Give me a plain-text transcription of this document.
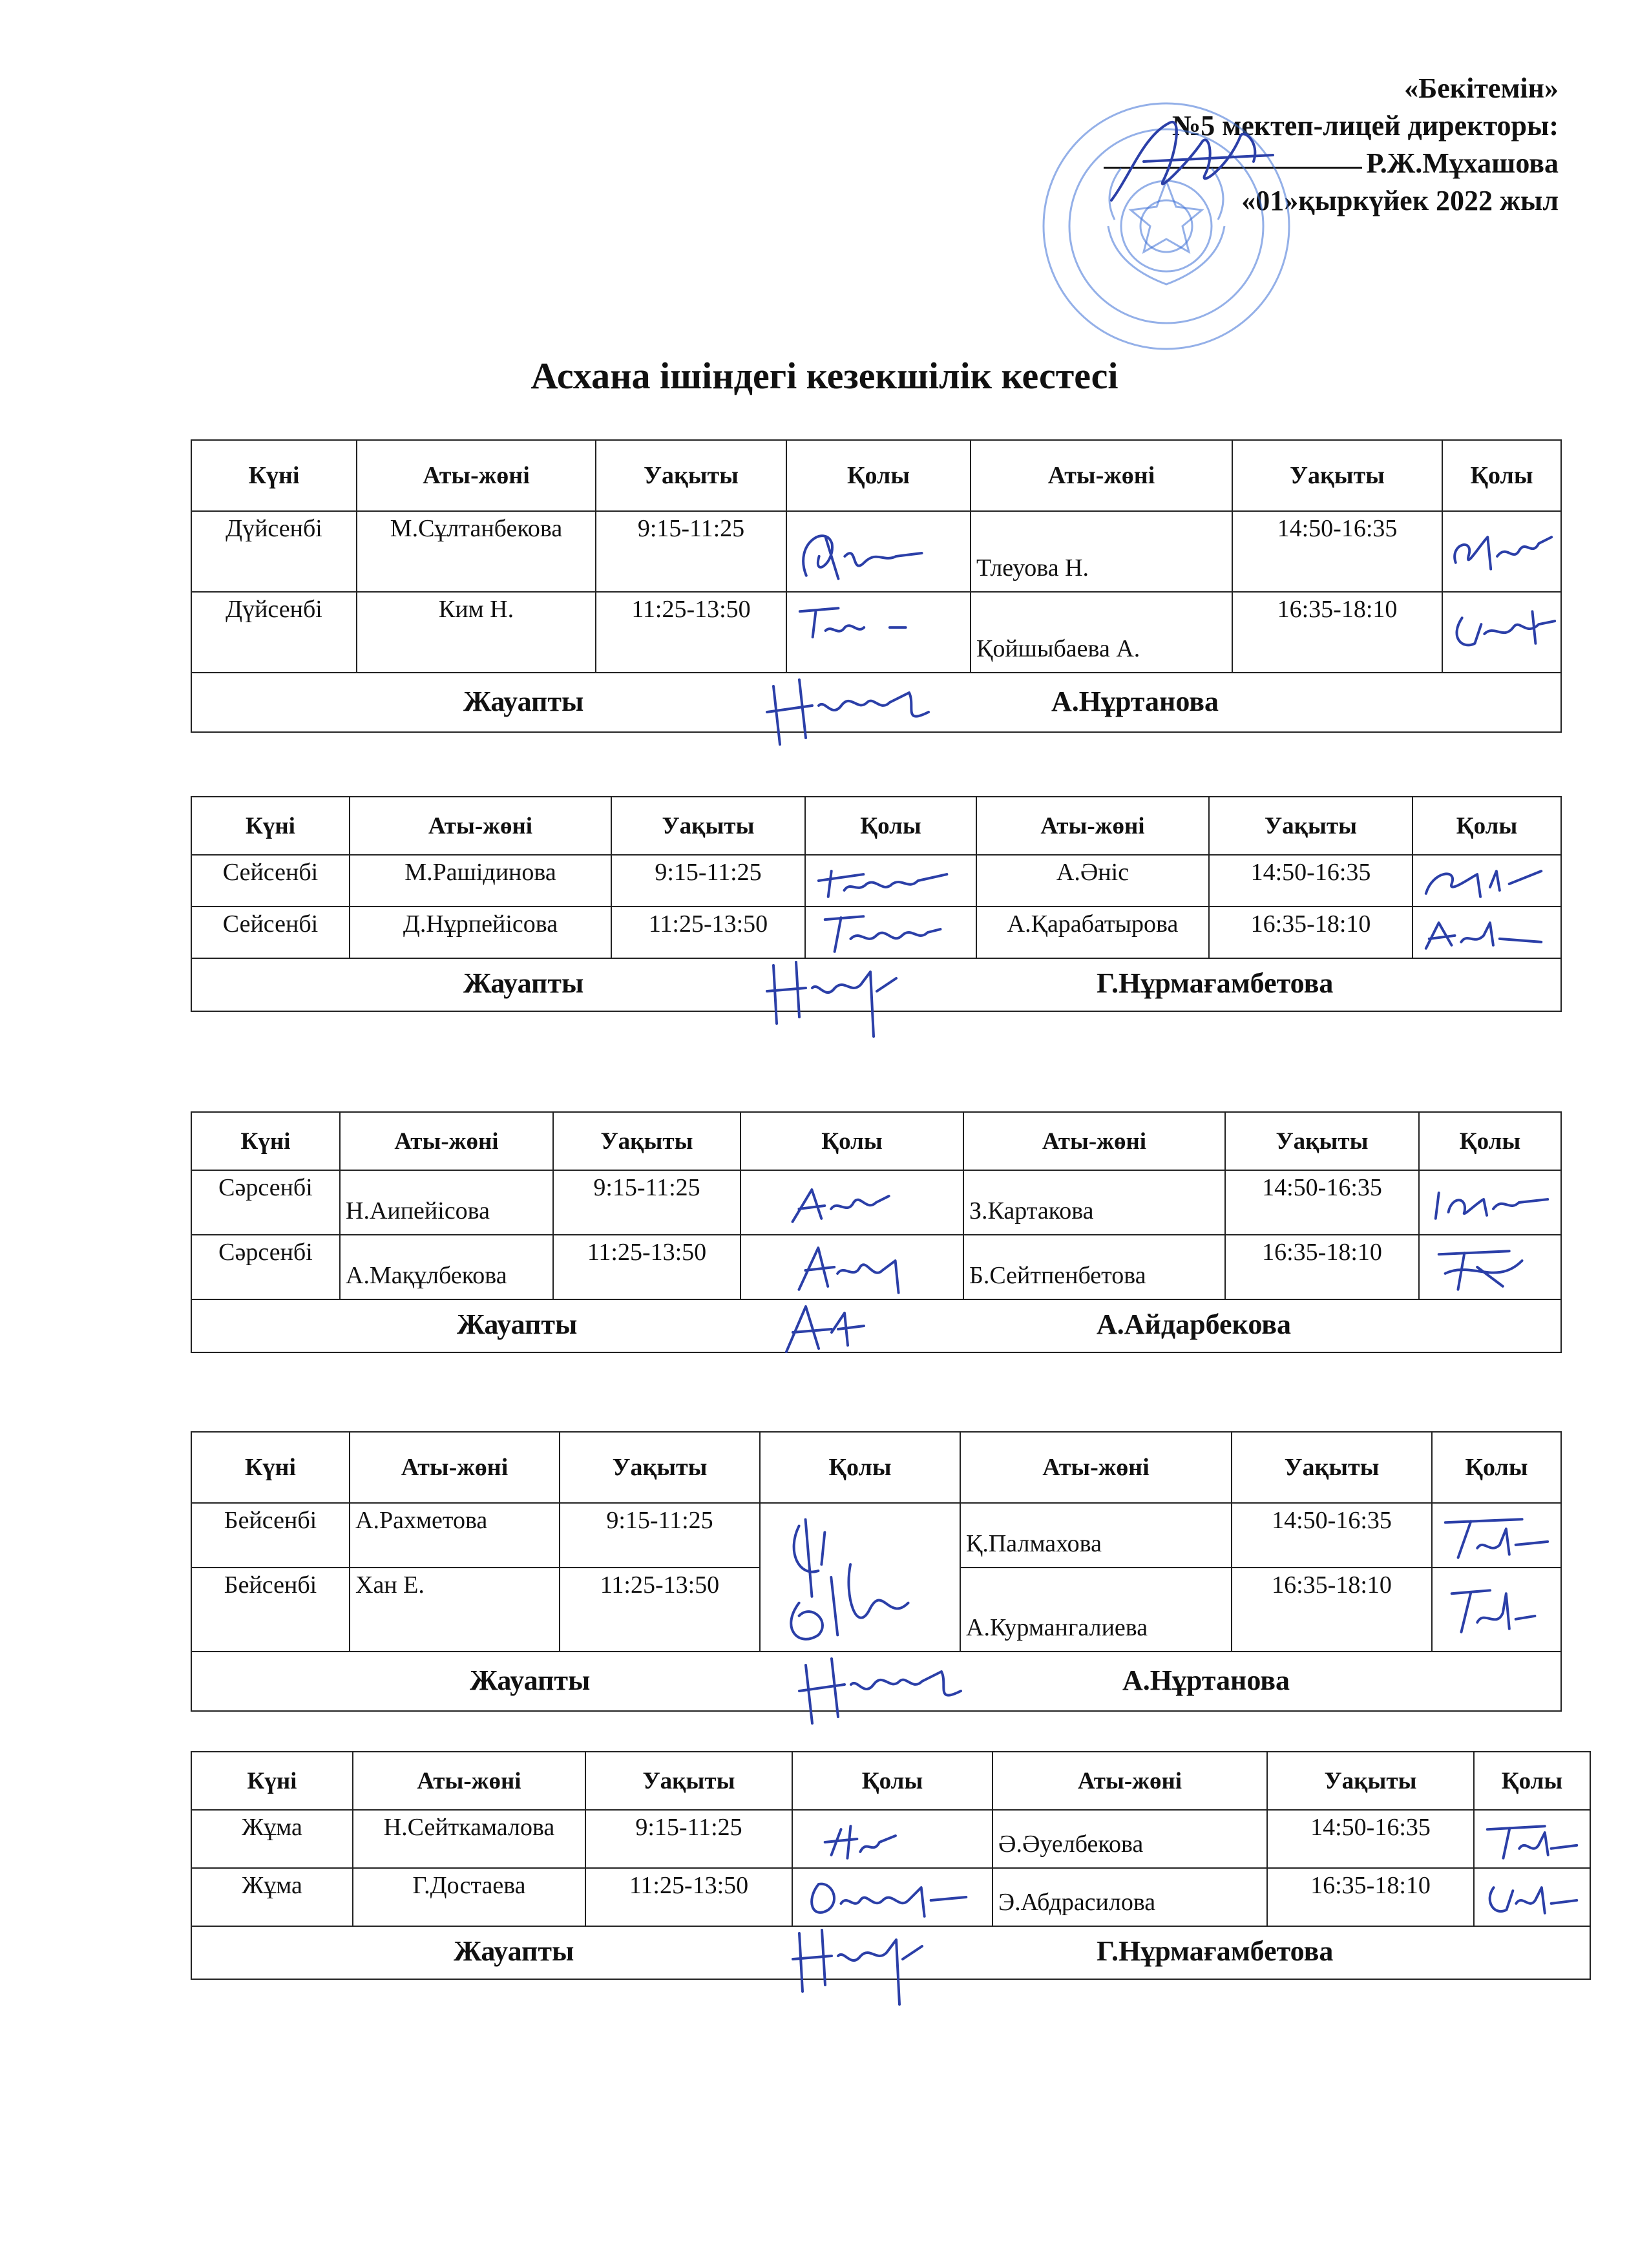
«Бекітемін»
№5 мектеп-лицей директоры:
Р.Ж.Мұхашова
«01»қыркүйек 2022 жыл
Асхана ішіндегі кезекшілік кестесі
Күні	Аты-жөні	Уақыты	Қолы	Аты-жөні	Уақыты	Қолы
Дүйсенбі	М.Сұлтанбекова	9:15-11:25		Тлеуова Н.	14:50-16:35	

Дүйсенбі	Ким Н.	11:25-13:50		Қойшыбаева А.	16:35-18:10	

Жауапты А.Нұртанова						
Күні	Аты-жөні	Уақыты	Қолы	Аты-жөні	Уақыты	Қолы
Сейсенбі	М.Рашідинова	9:15-11:25		А.Әніс	14:50-16:35	

Сейсенбі	Д.Нұрпейісова	11:25-13:50		А.Қарабатырова	16:35-18:10	

Жауапты Г.Нұрмағамбетова						
Күні	Аты-жөні	Уақыты	Қолы	Аты-жөні	Уақыты	Қолы
Сәрсенбі	Н.Аипейісова	9:15-11:25		З.Картакова	14:50-16:35	

Сәрсенбі	А.Мақұлбекова	11:25-13:50		Б.Сейтпенбетова	16:35-18:10	

Жауапты А.Айдарбекова						
Күні	Аты-жөні	Уақыты	Қолы	Аты-жөні	Уақыты	Қолы
Бейсенбі	А.Рахметова	9:15-11:25		Қ.Палмахова	14:50-16:35	

Бейсенбі	Хан Е.	11:25-13:50		А.Курмангалиева	16:35-18:10	

Жауапты А.Нұртанова						
Күні	Аты-жөні	Уақыты	Қолы	Аты-жөні	Уақыты	Қолы
Жұма	Н.Сейткамалова	9:15-11:25		Ә.Әуелбекова	14:50-16:35	

Жұма	Г.Достаева	11:25-13:50		Э.Абдрасилова	16:35-18:10	

Жауапты Г.Нұрмағамбетова						
